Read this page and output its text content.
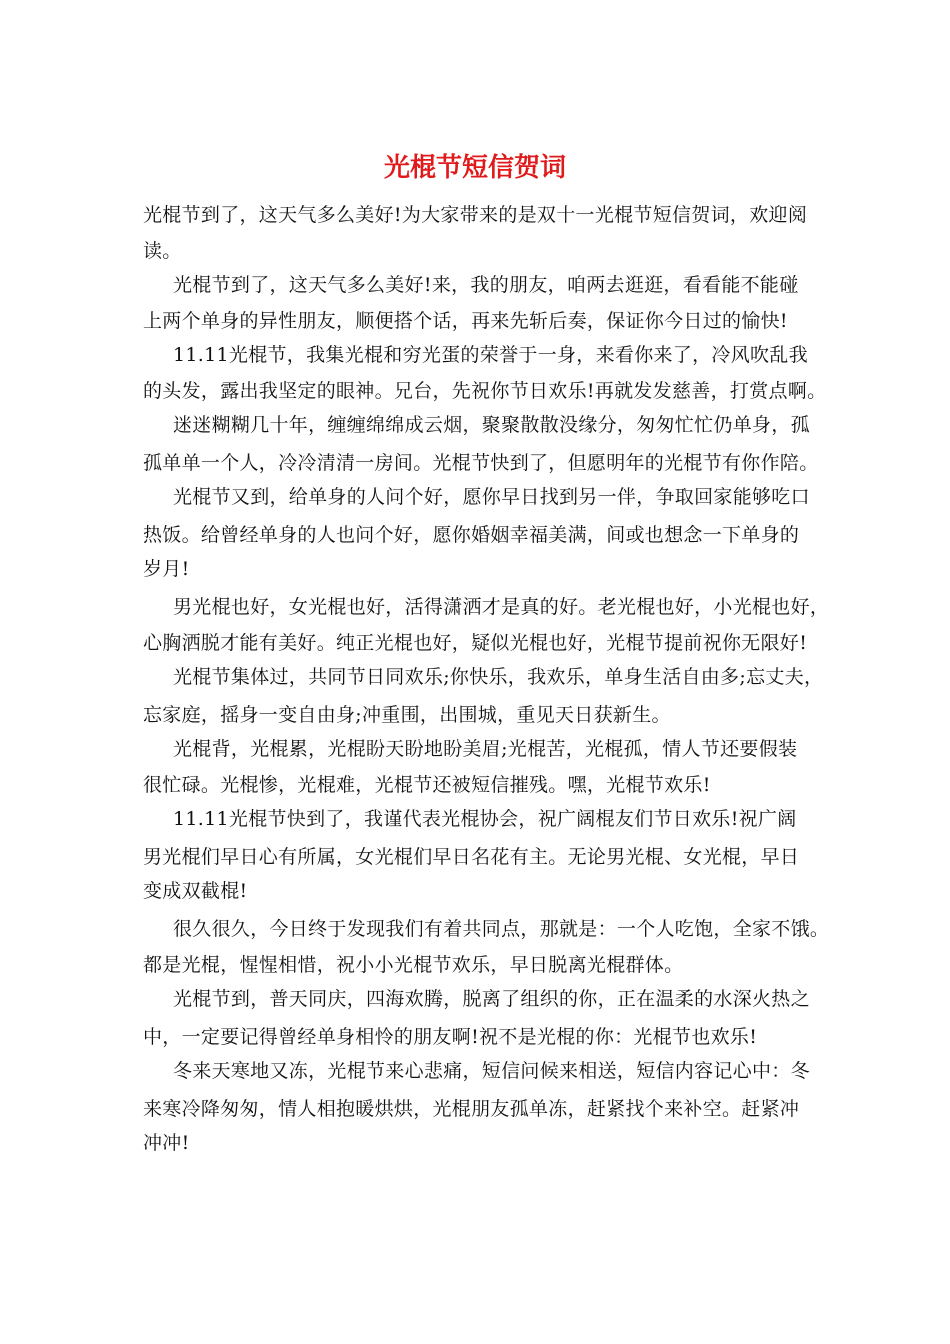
光棍节短信贺词
光棍节到了，这天气多么美好!为大家带来的是双十一光棍节短信贺词，欢迎阅
读。
光棍节到了，这天气多么美好!来，我的朋友，咱两去逛逛，看看能不能碰
上两个单身的异性朋友，顺便搭个话，再来先斩后奏，保证你今日过的愉快!
11.11光棍节，我集光棍和穷光蛋的荣誉于一身，来看你来了，冷风吹乱我
的头发，露出我坚定的眼神。兄台，先祝你节日欢乐!再就发发慈善，打赏点啊。
迷迷糊糊几十年，缠缠绵绵成云烟，聚聚散散没缘分，匆匆忙忙仍单身，孤
孤单单一个人，冷冷清清一房间。光棍节快到了，但愿明年的光棍节有你作陪。
光棍节又到，给单身的人问个好，愿你早日找到另一伴，争取回家能够吃口
热饭。给曾经单身的人也问个好，愿你婚姻幸福美满，间或也想念一下单身的
岁月!
男光棍也好，女光棍也好，活得潇洒才是真的好。老光棍也好，小光棍也好，
心胸洒脱才能有美好。纯正光棍也好，疑似光棍也好，光棍节提前祝你无限好!
光棍节集体过，共同节日同欢乐;你快乐，我欢乐，单身生活自由多;忘丈夫，
忘家庭，摇身一变自由身;冲重围，出围城，重见天日获新生。
光棍背，光棍累，光棍盼天盼地盼美眉;光棍苦，光棍孤，情人节还要假装
很忙碌。光棍惨，光棍难，光棍节还被短信摧残。嘿，光棍节欢乐!
11.11光棍节快到了，我谨代表光棍协会，祝广阔棍友们节日欢乐!祝广阔
男光棍们早日心有所属，女光棍们早日名花有主。无论男光棍、女光棍，早日
变成双截棍!
很久很久，今日终于发现我们有着共同点，那就是：一个人吃饱，全家不饿。
都是光棍，惺惺相惜，祝小小光棍节欢乐，早日脱离光棍群体。
光棍节到，普天同庆，四海欢腾，脱离了组织的你，正在温柔的水深火热之
中，一定要记得曾经单身相怜的朋友啊!祝不是光棍的你：光棍节也欢乐!
冬来天寒地又冻，光棍节来心悲痛，短信问候来相送，短信内容记心中：冬
来寒冷降匆匆，情人相抱暖烘烘，光棍朋友孤单冻，赶紧找个来补空。赶紧冲
冲冲!
